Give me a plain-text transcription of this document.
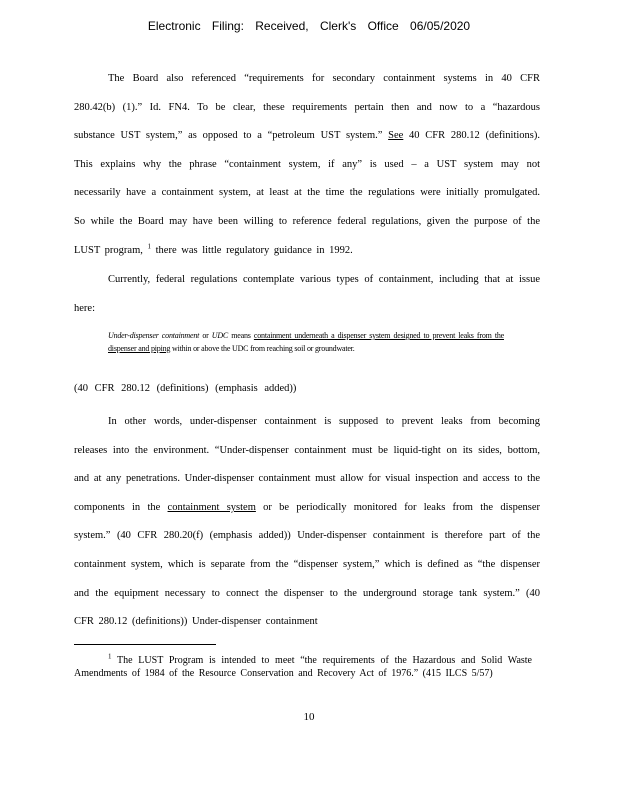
Electronic Filing: Received, Clerk's Office 06/05/2020
The Board also referenced “requirements for secondary containment systems in 40 CFR 280.42(b) (1).” Id. FN4. To be clear, these requirements pertain then and now to a “hazardous substance UST system,” as opposed to a “petroleum UST system.” See 40 CFR 280.12 (definitions). This explains why the phrase “containment system, if any” is used – a UST system may not necessarily have a containment system, at least at the time the regulations were initially promulgated. So while the Board may have been willing to reference federal regulations, given the purpose of the LUST program, $^1$ there was little regulatory guidance in 1992.
Currently, federal regulations contemplate various types of containment, including that at issue here:
Under-dispenser containment or UDC means containment underneath a dispenser system designed to prevent leaks from the dispenser and piping within or above the UDC from reaching soil or groundwater.
(40 CFR 280.12 (definitions) (emphasis added))
In other words, under-dispenser containment is supposed to prevent leaks from becoming releases into the environment. “Under-dispenser containment must be liquid-tight on its sides, bottom, and at any penetrations. Under-dispenser containment must allow for visual inspection and access to the components in the containment system or be periodically monitored for leaks from the dispenser system.” (40 CFR 280.20(f) (emphasis added)) Under-dispenser containment is therefore part of the containment system, which is separate from the “dispenser system,” which is defined as “the dispenser and the equipment necessary to connect the dispenser to the underground storage tank system.” (40 CFR 280.12 (definitions)) Under-dispenser containment
$^1$ The LUST Program is intended to meet “the requirements of the Hazardous and Solid Waste Amendments of 1984 of the Resource Conservation and Recovery Act of 1976.” (415 ILCS 5/57)
10
